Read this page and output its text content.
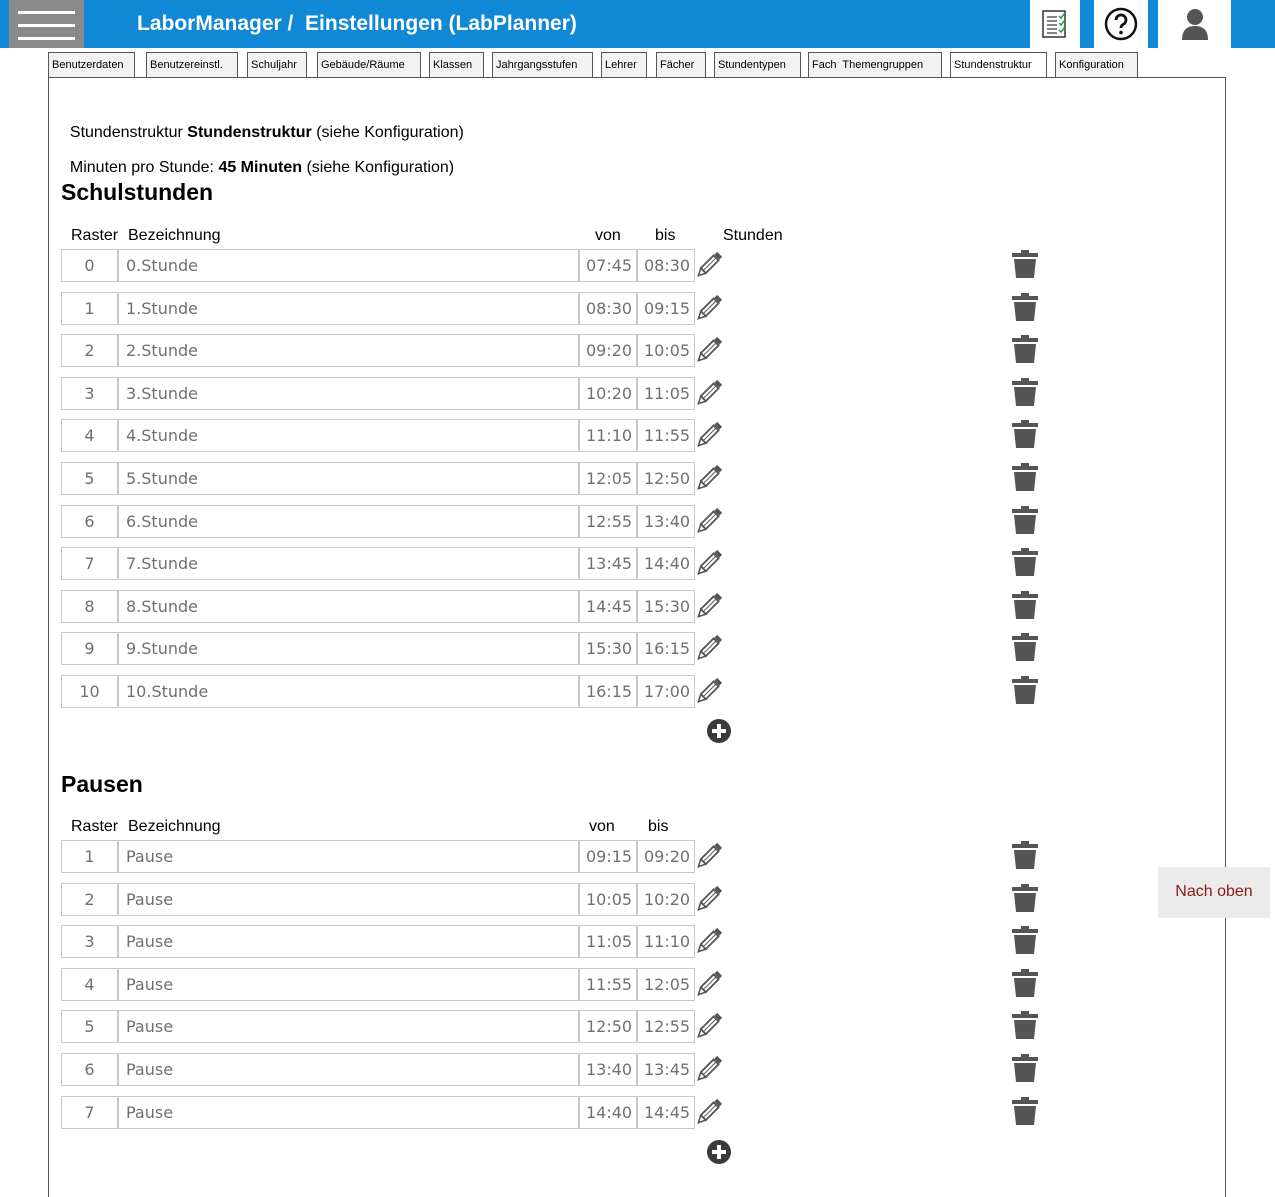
LaborManager /  Einstellungen (LabPlanner)
Benutzerdaten	Benutzereinstl.	Schuljahr	Gebäude/Räume	Klassen	Jahrgangsstufen	Lehrer	Fächer	Stundentypen	Fach  Themengruppen	Stundenstruktur	Konfiguration

Stundenstruktur Stundenstruktur (siehe Konfiguration)

Minuten pro Stunde: 45 Minuten (siehe Konfiguration)

Schulstunden
Raster Bezeichnung	von bis	Stunden
0	0.Stunde	07:45 08:30
1	1.Stunde	08:30 09:15
2	2.Stunde	09:20 10:05
3	3.Stunde	10:20 11:05
4	4.Stunde	11:10 11:55
5	5.Stunde	12:05 12:50
6	6.Stunde	12:55 13:40
7	7.Stunde	13:45 14:40
8	8.Stunde	14:45 15:30
9	9.Stunde	15:30 16:15
10	10.Stunde	16:15 17:00
Pausen
Raster Bezeichnung	von bis
1	Pause	09:15 09:20
2	Pause	10:05 10:20
3	Pause	11:05 11:10
4	Pause	11:55 12:05
5	Pause	12:50 12:55
6	Pause	13:40 13:45
7	Pause	14:40 14:45
Nach oben
